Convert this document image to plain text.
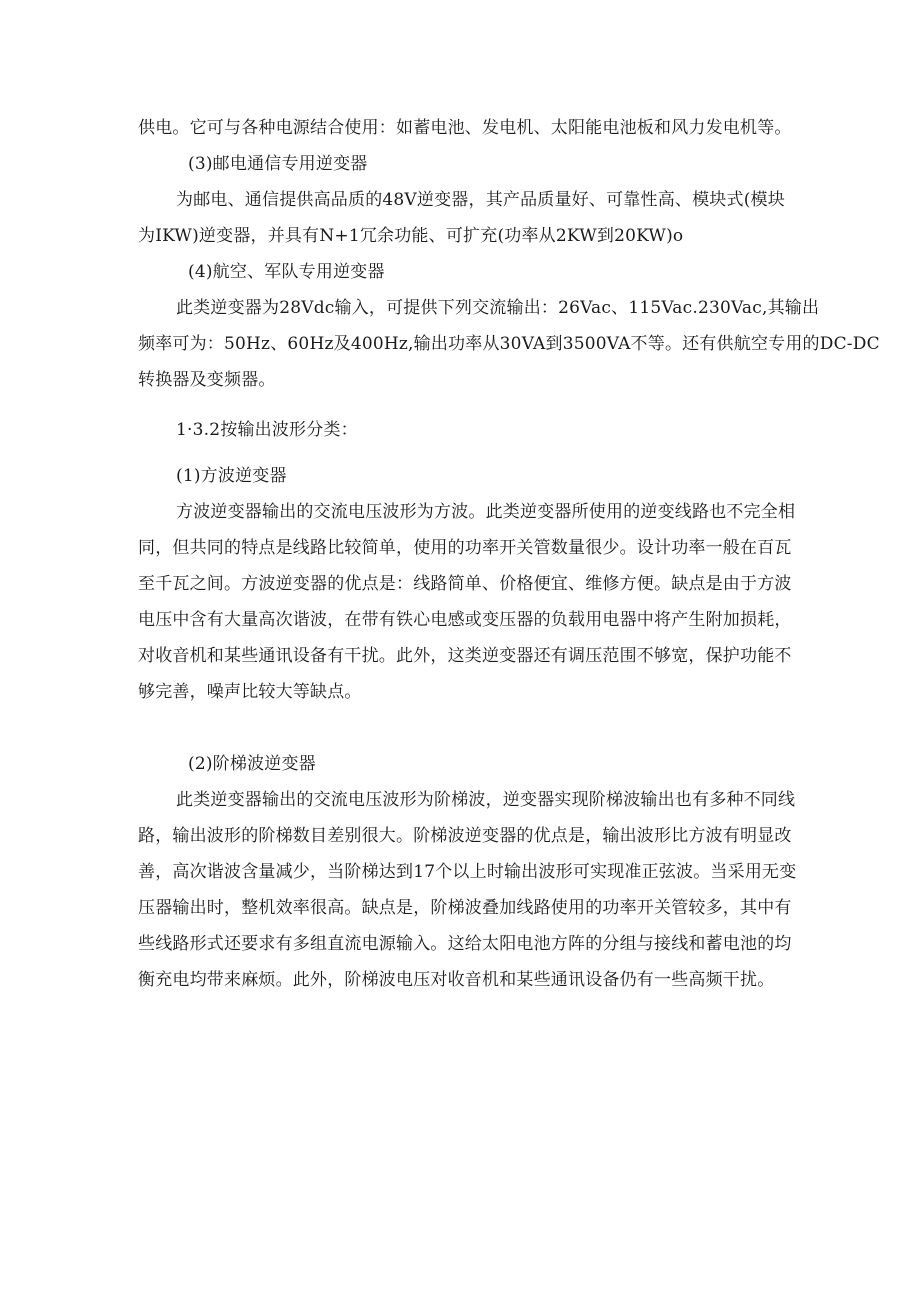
供电。它可与各种电源结合使用：如蓄电池、发电机、太阳能电池板和风力发电机等。
(3)邮电通信专用逆变器
为邮电、通信提供高品质的48V逆变器，其产品质量好、可靠性高、模块式(模块
为IKW)逆变器，并具有N+1冗余功能、可扩充(功率从2KW到20KW)o
(4)航空、军队专用逆变器
此类逆变器为28Vdc输入，可提供下列交流输出：26Vac、115Vac.230Vac,其输出
频率可为：50Hz、60Hz及400Hz,输出功率从30VA到3500VA不等。还有供航空专用的DC-DC
转换器及变频器。
1·3.2按输出波形分类：
(1)方波逆变器
方波逆变器输出的交流电压波形为方波。此类逆变器所使用的逆变线路也不完全相
同，但共同的特点是线路比较简单，使用的功率开关管数量很少。设计功率一般在百瓦
至千瓦之间。方波逆变器的优点是：线路简单、价格便宜、维修方便。缺点是由于方波
电压中含有大量高次谐波，在带有铁心电感或变压器的负载用电器中将产生附加损耗，
对收音机和某些通讯设备有干扰。此外，这类逆变器还有调压范围不够宽，保护功能不
够完善，噪声比较大等缺点。
(2)阶梯波逆变器
此类逆变器输出的交流电压波形为阶梯波，逆变器实现阶梯波输出也有多种不同线
路，输出波形的阶梯数目差别很大。阶梯波逆变器的优点是，输出波形比方波有明显改
善，高次谐波含量减少，当阶梯达到17个以上时输出波形可实现准正弦波。当采用无变
压器输出时，整机效率很高。缺点是，阶梯波叠加线路使用的功率开关管较多，其中有
些线路形式还要求有多组直流电源输入。这给太阳电池方阵的分组与接线和蓄电池的均
衡充电均带来麻烦。此外，阶梯波电压对收音机和某些通讯设备仍有一些高频干扰。
